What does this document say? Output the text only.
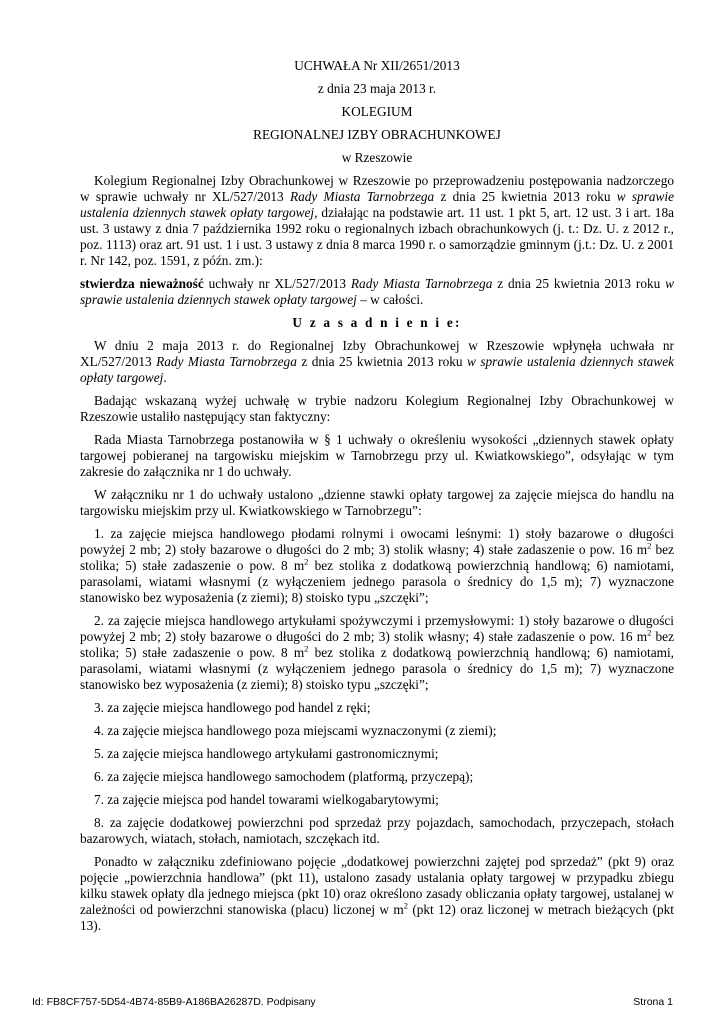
UCHWAŁA Nr XII/2651/2013
z dnia 23 maja 2013 r.
KOLEGIUM
REGIONALNEJ IZBY OBRACHUNKOWEJ
w Rzeszowie

Kolegium Regionalnej Izby Obrachunkowej w Rzeszowie po przeprowadzeniu postępowania nadzorczego w sprawie uchwały nr XL/527/2013 Rady Miasta Tarnobrzega z dnia 25 kwietnia 2013 roku w sprawie ustalenia dziennych stawek opłaty targowej, działając na podstawie art. 11 ust. 1 pkt 5, art. 12 ust. 3 i art. 18a ust. 3 ustawy z dnia 7 października 1992 roku o regionalnych izbach obrachunkowych (j. t.: Dz. U. z 2012 r., poz. 1113) oraz art. 91 ust. 1 i ust. 3 ustawy z dnia 8 marca 1990 r. o samorządzie gminnym (j.t.: Dz. U. z 2001 r. Nr 142, poz. 1591, z późn. zm.):

stwierdza nieważność uchwały nr XL/527/2013 Rady Miasta Tarnobrzega z dnia 25 kwietnia 2013 roku w sprawie ustalenia dziennych stawek opłaty targowej – w całości.

U z a s a d n i e n i e:

W dniu 2 maja 2013 r. do Regionalnej Izby Obrachunkowej w Rzeszowie wpłynęła uchwała nr XL/527/2013 Rady Miasta Tarnobrzega z dnia 25 kwietnia 2013 roku w sprawie ustalenia dziennych stawek opłaty targowej.

Badając wskazaną wyżej uchwałę w trybie nadzoru Kolegium Regionalnej Izby Obrachunkowej w Rzeszowie ustaliło następujący stan faktyczny:

Rada Miasta Tarnobrzega postanowiła w § 1 uchwały o określeniu wysokości „dziennych stawek opłaty targowej pobieranej na targowisku miejskim w Tarnobrzegu przy ul. Kwiatkowskiego”, odsyłając w tym zakresie do załącznika nr 1 do uchwały.

W załączniku nr 1 do uchwały ustalono „dzienne stawki opłaty targowej za zajęcie miejsca do handlu na targowisku miejskim przy ul. Kwiatkowskiego w Tarnobrzegu”:

1. za zajęcie miejsca handlowego płodami rolnymi i owocami leśnymi: 1) stoły bazarowe o długości powyżej 2 mb; 2) stoły bazarowe o długości do 2 mb; 3) stolik własny; 4) stałe zadaszenie o pow. 16 $m^2$ bez stolika; 5) stałe zadaszenie o pow. 8 $m^2$ bez stolika z dodatkową powierzchnią handlową; 6) namiotami, parasolami, wiatami własnymi (z wyłączeniem jednego parasola o średnicy do 1,5 m); 7) wyznaczone stanowisko bez wyposażenia (z ziemi); 8) stoisko typu „szczęki”;

2. za zajęcie miejsca handlowego artykułami spożywczymi i przemysłowymi: 1) stoły bazarowe o długości powyżej 2 mb; 2) stoły bazarowe o długości do 2 mb; 3) stolik własny; 4) stałe zadaszenie o pow. 16 $m^2$ bez stolika; 5) stałe zadaszenie o pow. 8 $m^2$ bez stolika z dodatkową powierzchnią handlową; 6) namiotami, parasolami, wiatami własnymi (z wyłączeniem jednego parasola o średnicy do 1,5 m); 7) wyznaczone stanowisko bez wyposażenia (z ziemi); 8) stoisko typu „szczęki”;

3. za zajęcie miejsca handlowego pod handel z ręki;

4. za zajęcie miejsca handlowego poza miejscami wyznaczonymi (z ziemi);

5. za zajęcie miejsca handlowego artykułami gastronomicznymi;

6. za zajęcie miejsca handlowego samochodem (platformą, przyczepą);

7. za zajęcie miejsca pod handel towarami wielkogabarytowymi;

8. za zajęcie dodatkowej powierzchni pod sprzedaż przy pojazdach, samochodach, przyczepach, stołach bazarowych, wiatach, stołach, namiotach, szczękach itd.

Ponadto w załączniku zdefiniowano pojęcie „dodatkowej powierzchni zajętej pod sprzedaż” (pkt 9) oraz pojęcie „powierzchnia handlowa” (pkt 11), ustalono zasady ustalania opłaty targowej w przypadku zbiegu kilku stawek opłaty dla jednego miejsca (pkt 10) oraz określono zasady obliczania opłaty targowej, ustalanej w zależności od powierzchni stanowiska (placu) liczonej w $m^2$ (pkt 12) oraz liczonej w metrach bieżących (pkt 13).

Id: FB8CF757-5D54-4B74-85B9-A186BA26287D. Podpisany	Strona 1
